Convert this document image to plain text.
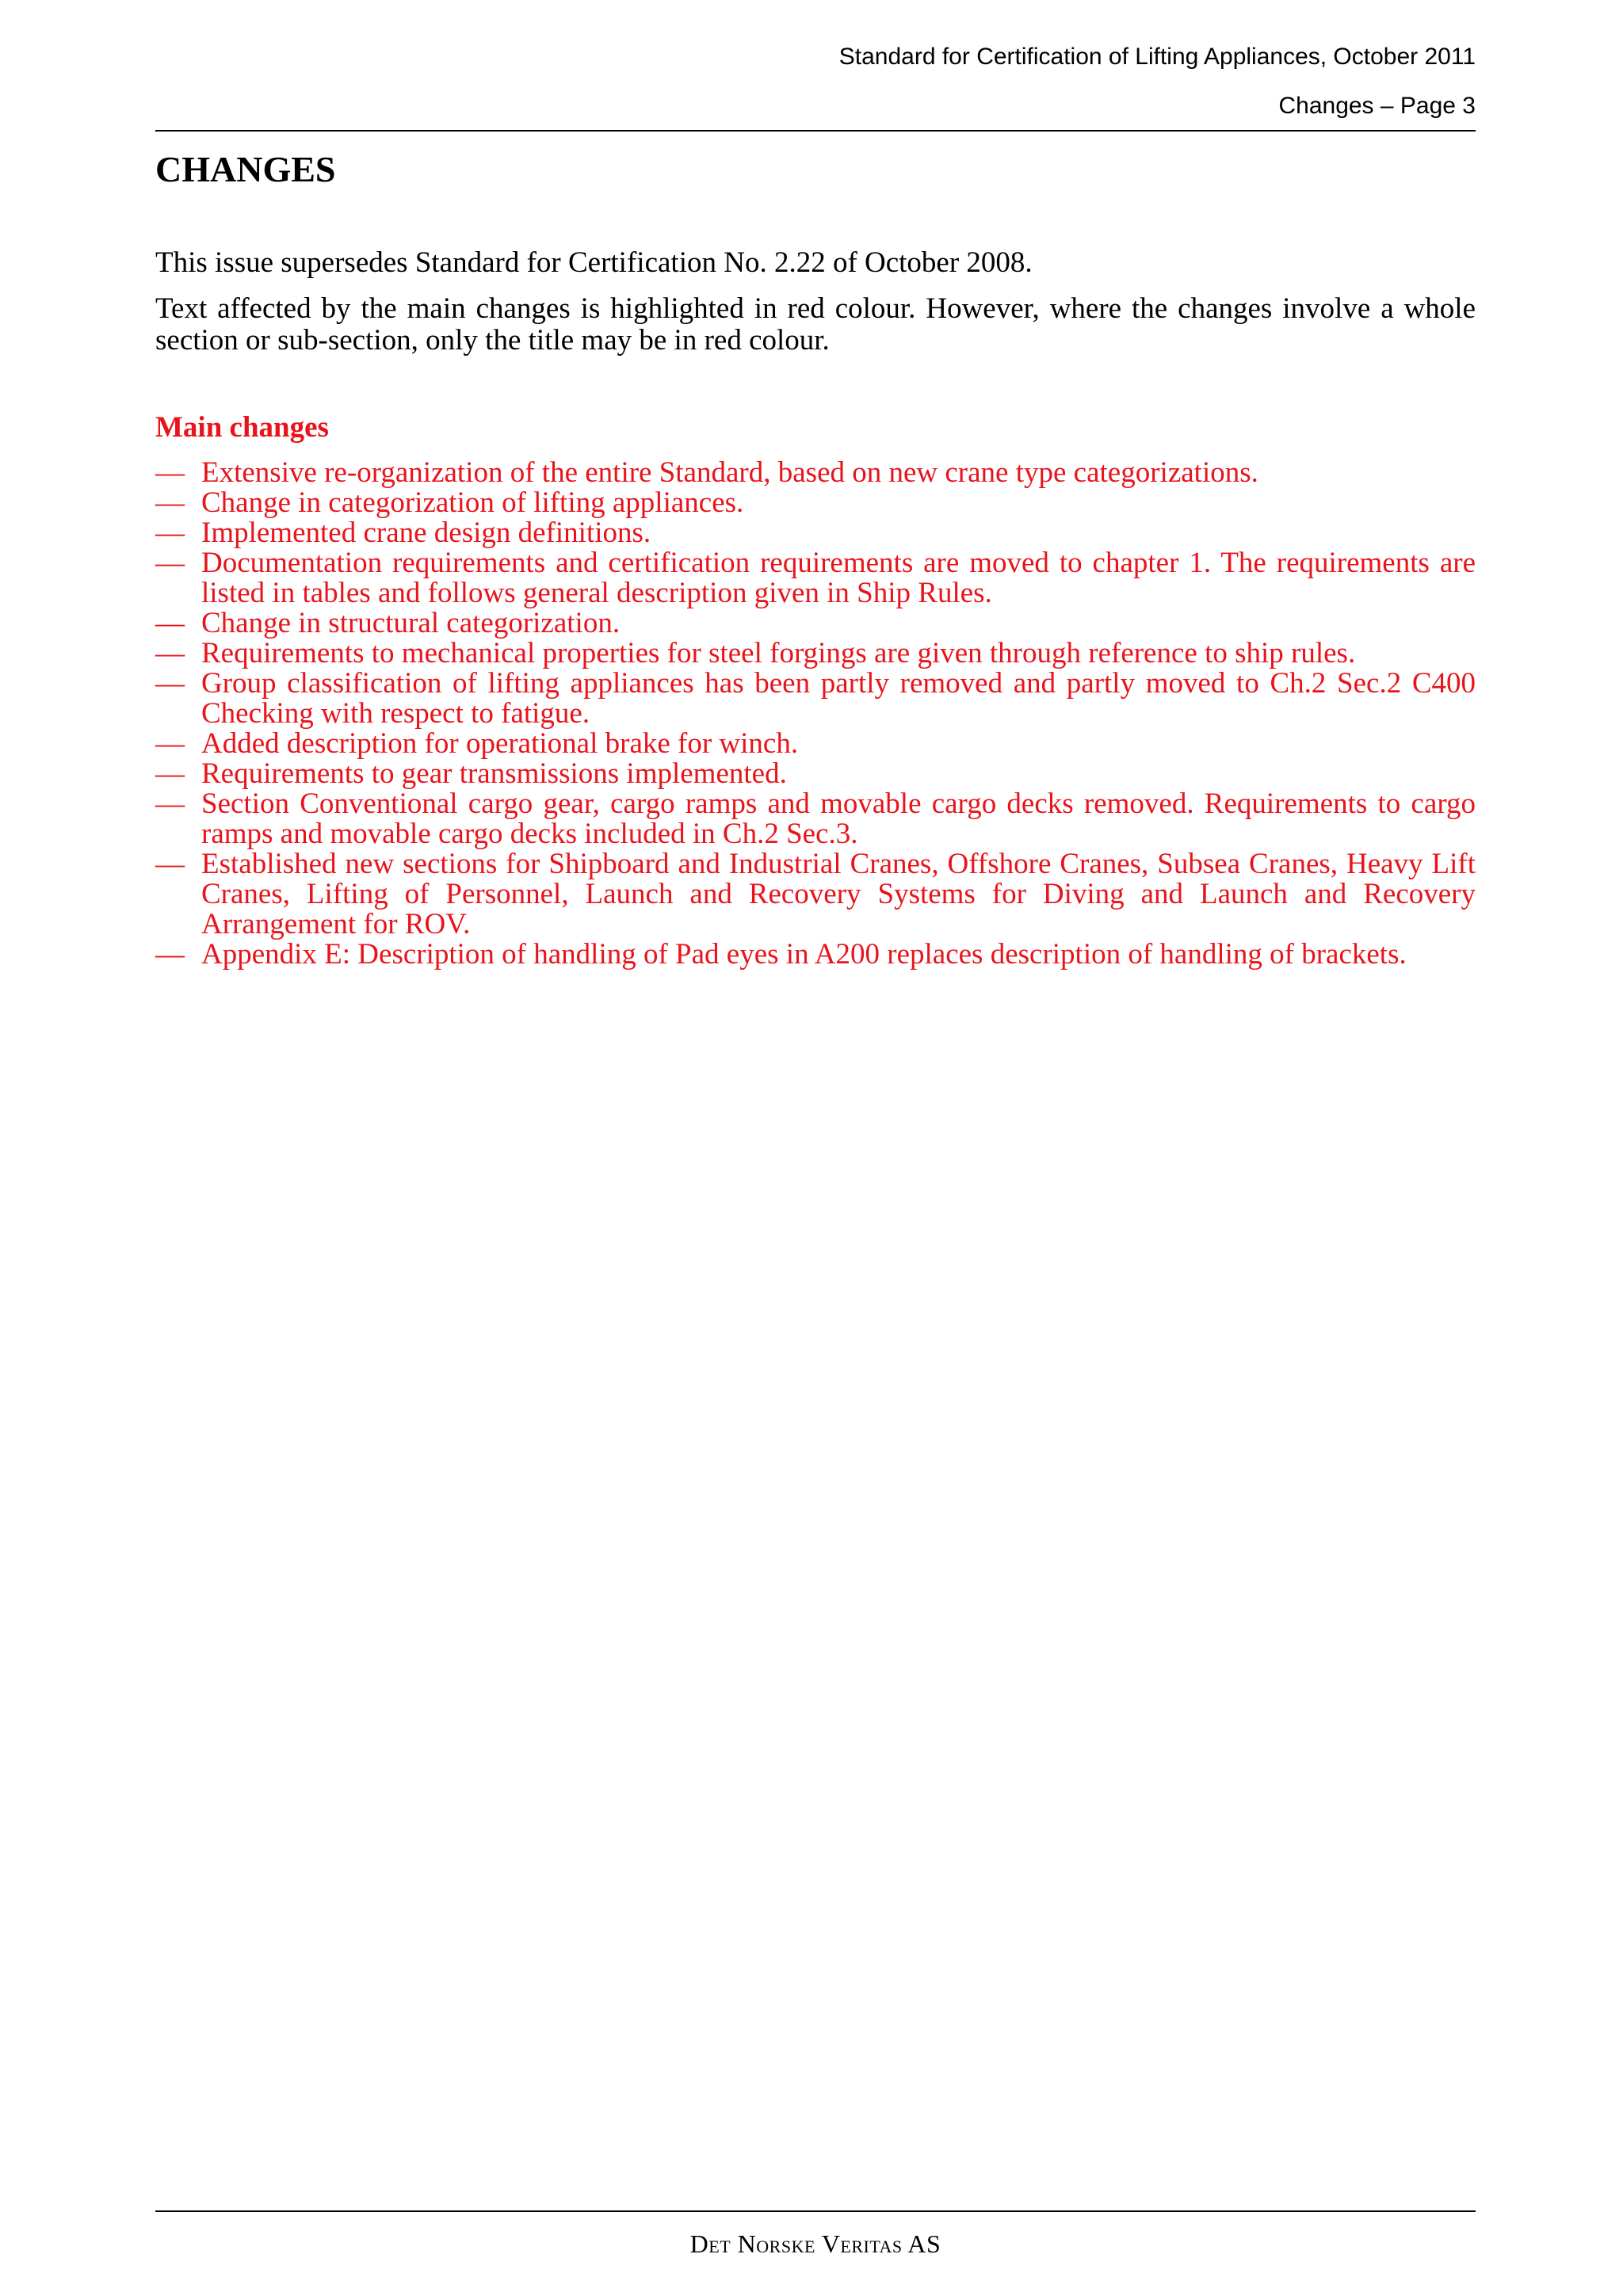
Standard for Certification of Lifting Appliances, October 2011
Changes – Page 3
CHANGES

This issue supersedes Standard for Certification No. 2.22 of October 2008.

Text affected by the main changes is highlighted in red colour. However, where the changes involve a whole section or sub-section, only the title may be in red colour.

Main changes
— Extensive re-organization of the entire Standard, based on new crane type categorizations.
— Change in categorization of lifting appliances.
— Implemented crane design definitions.
— Documentation requirements and certification requirements are moved to chapter 1. The requirements are listed in tables and follows general description given in Ship Rules.
— Change in structural categorization.
— Requirements to mechanical properties for steel forgings are given through reference to ship rules.
— Group classification of lifting appliances has been partly removed and partly moved to Ch.2 Sec.2 C400 Checking with respect to fatigue.
— Added description for operational brake for winch.
— Requirements to gear transmissions implemented.
— Section Conventional cargo gear, cargo ramps and movable cargo decks removed. Requirements to cargo ramps and movable cargo decks included in Ch.2 Sec.3.
— Established new sections for Shipboard and Industrial Cranes, Offshore Cranes, Subsea Cranes, Heavy Lift Cranes, Lifting of Personnel, Launch and Recovery Systems for Diving and Launch and Recovery Arrangement for ROV.
— Appendix E: Description of handling of Pad eyes in A200 replaces description of handling of brackets.
Det Norske Veritas AS
